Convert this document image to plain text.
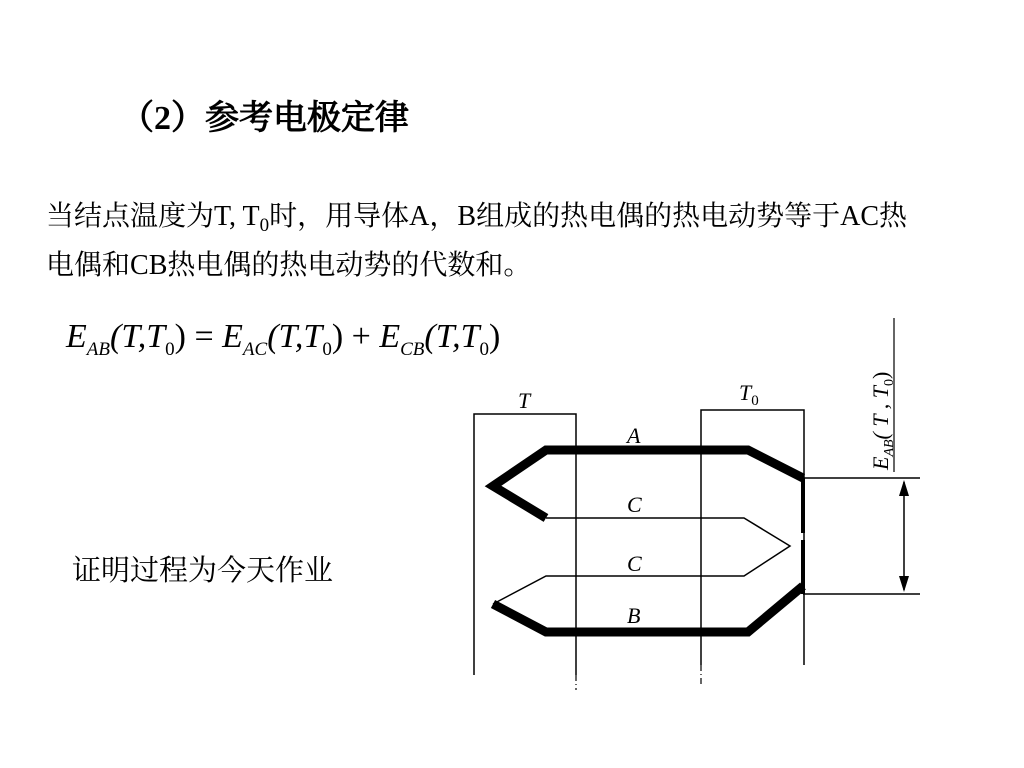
（2）参考电极定律
当结点温度为T, $T_0$时，用导体A，B组成的热电偶的热电动势等于AC热电偶和CB热电偶的热电动势的代数和。
$E_{AB}(T,T_0) = E_{AC}(T,T_0) + E_{CB}(T,T_0)$
证明过程为今天作业
T	$T_0$
A
C
C
B
$E_{AB}$( T , $T_0$)
